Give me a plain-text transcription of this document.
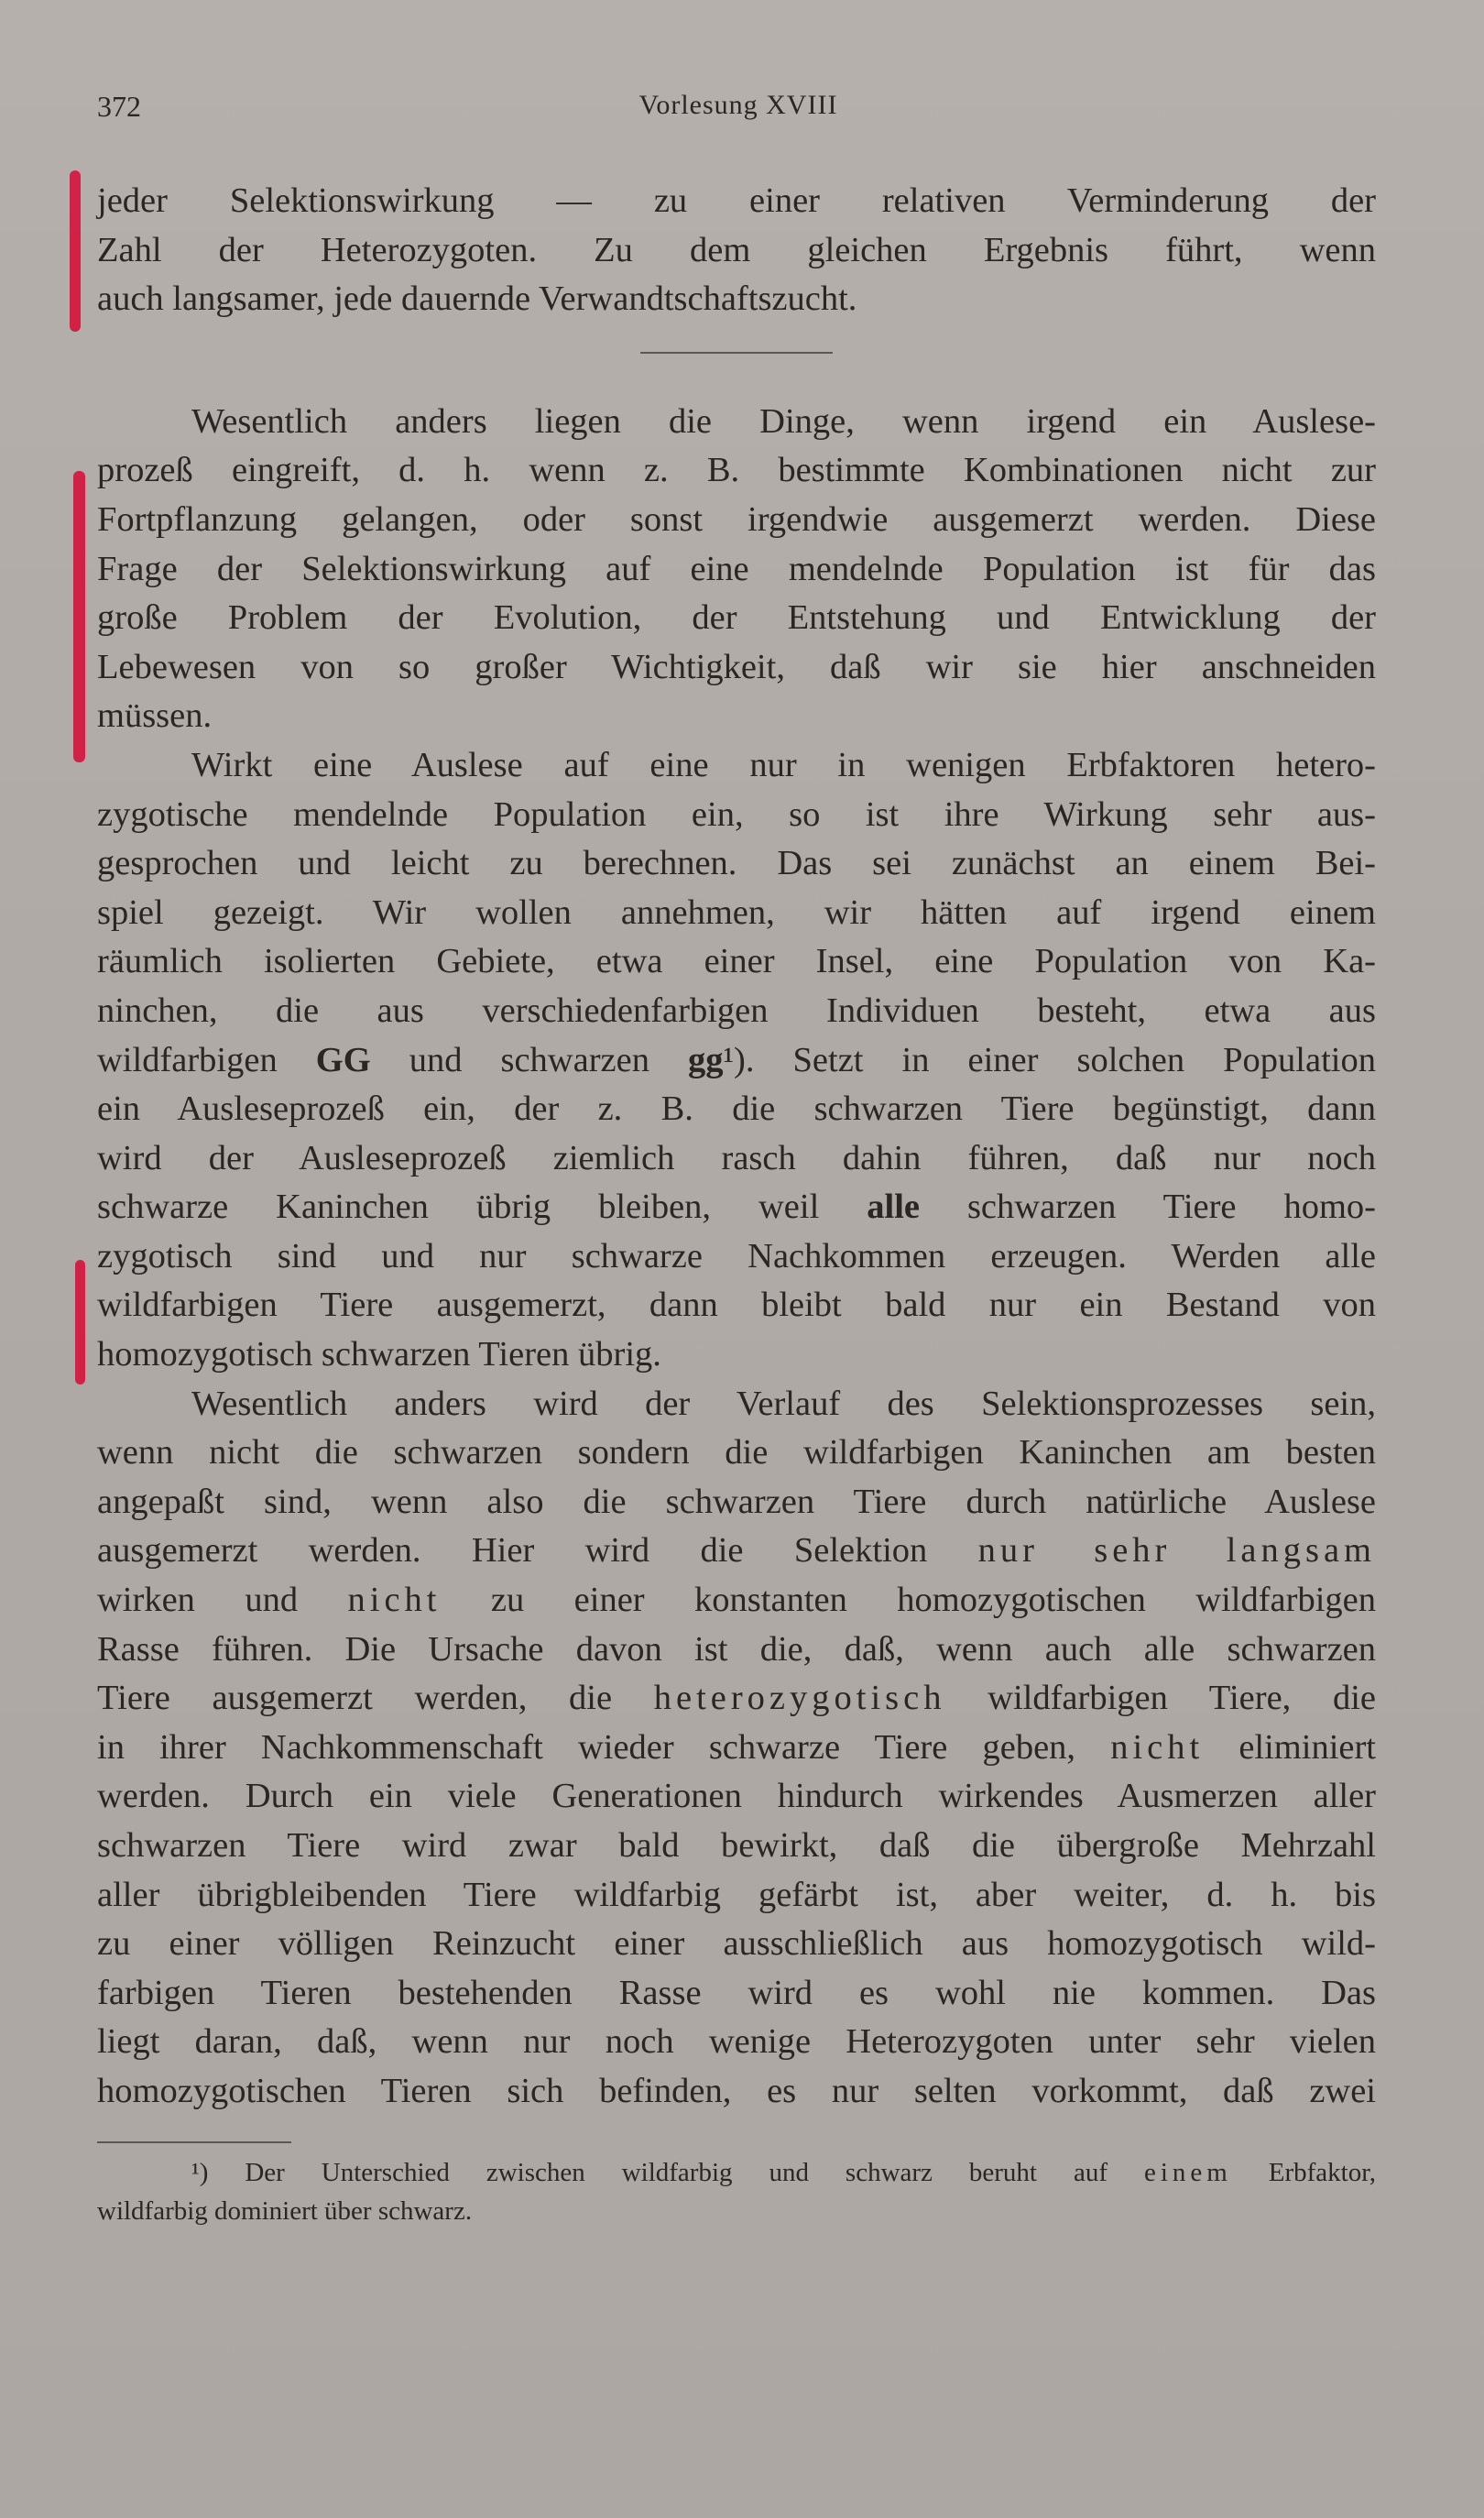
372	Vorlesung XVIII
jeder Selektionswirkung — zu einer relativen Verminderung der
Zahl der Heterozygoten. Zu dem gleichen Ergebnis führt, wenn
auch langsamer, jede dauernde Verwandtschaftszucht.
Wesentlich anders liegen die Dinge, wenn irgend ein Auslese-
prozeß eingreift, d. h. wenn z. B. bestimmte Kombinationen nicht zur
Fortpflanzung gelangen, oder sonst irgendwie ausgemerzt werden. Diese
Frage der Selektionswirkung auf eine mendelnde Population ist für das
große Problem der Evolution, der Entstehung und Entwicklung der
Lebewesen von so großer Wichtigkeit, daß wir sie hier anschneiden
müssen.
Wirkt eine Auslese auf eine nur in wenigen Erbfaktoren hetero-
zygotische mendelnde Population ein, so ist ihre Wirkung sehr aus-
gesprochen und leicht zu berechnen. Das sei zunächst an einem Bei-
spiel gezeigt. Wir wollen annehmen, wir hätten auf irgend einem
räumlich isolierten Gebiete, etwa einer Insel, eine Population von Ka-
ninchen, die aus verschiedenfarbigen Individuen besteht, etwa aus
wildfarbigen GG und schwarzen gg¹). Setzt in einer solchen Population
ein Ausleseprozeß ein, der z. B. die schwarzen Tiere begünstigt, dann
wird der Ausleseprozeß ziemlich rasch dahin führen, daß nur noch
schwarze Kaninchen übrig bleiben, weil alle schwarzen Tiere homo-
zygotisch sind und nur schwarze Nachkommen erzeugen. Werden alle
wildfarbigen Tiere ausgemerzt, dann bleibt bald nur ein Bestand von
homozygotisch schwarzen Tieren übrig.
Wesentlich anders wird der Verlauf des Selektionsprozesses sein,
wenn nicht die schwarzen sondern die wildfarbigen Kaninchen am besten
angepaßt sind, wenn also die schwarzen Tiere durch natürliche Auslese
ausgemerzt werden. Hier wird die Selektion nur sehr langsam
wirken und nicht zu einer konstanten homozygotischen wildfarbigen
Rasse führen. Die Ursache davon ist die, daß, wenn auch alle schwarzen
Tiere ausgemerzt werden, die heterozygotisch wildfarbigen Tiere, die
in ihrer Nachkommenschaft wieder schwarze Tiere geben, nicht eliminiert
werden. Durch ein viele Generationen hindurch wirkendes Ausmerzen aller
schwarzen Tiere wird zwar bald bewirkt, daß die übergroße Mehrzahl
aller übrigbleibenden Tiere wildfarbig gefärbt ist, aber weiter, d. h. bis
zu einer völligen Reinzucht einer ausschließlich aus homozygotisch wild-
farbigen Tieren bestehenden Rasse wird es wohl nie kommen. Das
liegt daran, daß, wenn nur noch wenige Heterozygoten unter sehr vielen
homozygotischen Tieren sich befinden, es nur selten vorkommt, daß zwei
¹) Der Unterschied zwischen wildfarbig und schwarz beruht auf einem Erbfaktor,
wildfarbig dominiert über schwarz.
